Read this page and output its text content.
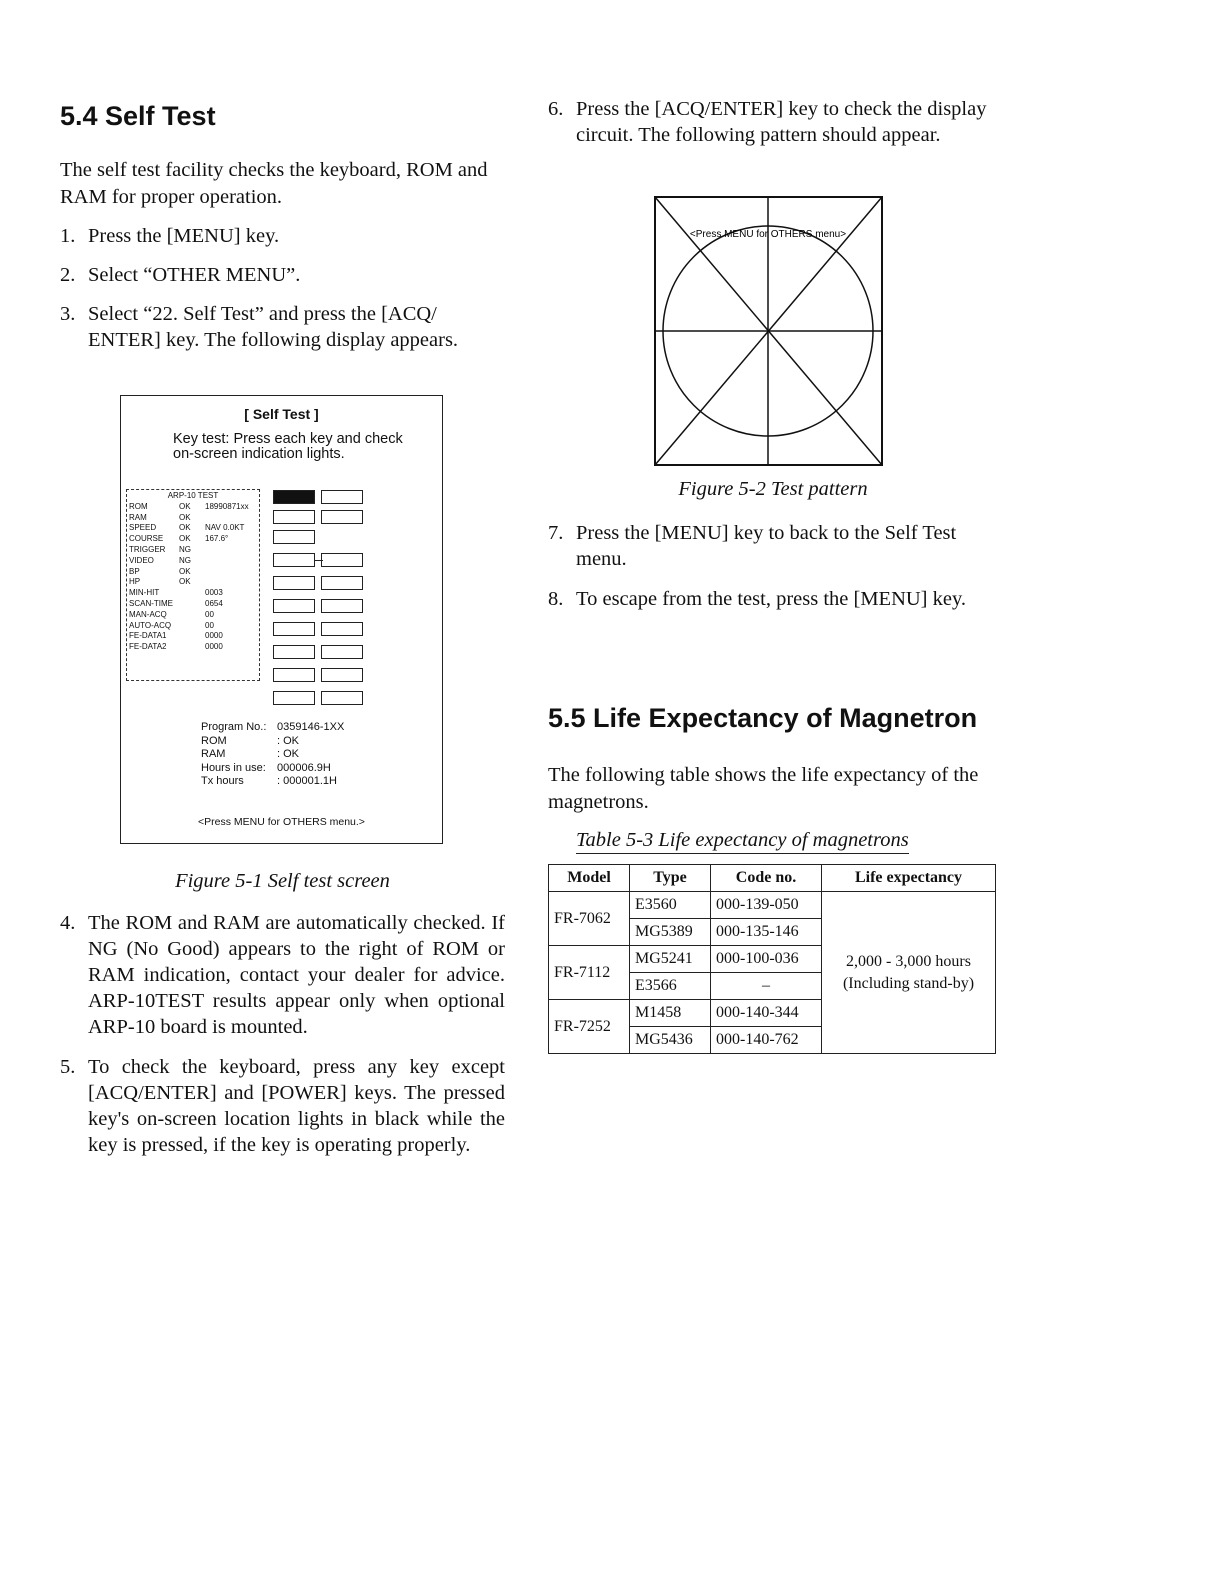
5.4 Self Test

The self test facility checks the keyboard, ROM and RAM for proper operation.

1. Press the [MENU] key.
2. Select “OTHER MENU”.
3. Select “22. Self Test” and press the [ACQ/ ENTER] key. The following display appears.
[ Self Test ]
Key test: Press each key and check on-screen indication lights.
ARP-10 TEST
ROM	OK 18990871xx
RAM	OK
SPEED	OK NAV 0.0KT
COURSE OK 167.6°
TRIGGER NG
VIDEO	NG
BP	OK
HP	OK
MIN-HIT	0003
SCAN-TIME	0654
MAN-ACQ	00
AUTO-ACQ	00
FE-DATA1	0000
FE-DATA2	0000
Program No.: 0359146-1XX
ROM	: OK
RAM	: OK
Hours in use: 000006.9H
Tx hours	: 000001.1H
<Press MENU for OTHERS menu.>
Figure 5-1 Self test screen
4. The ROM and RAM are automatically checked. If NG (No Good) appears to the right of ROM or RAM indication, contact your dealer for advice. ARP-10TEST results appear only when optional ARP-10 board is mounted.
5. To check the keyboard, press any key except [ACQ/ENTER] and [POWER] keys. The pressed key's on-screen location lights in black while the key is pressed, if the key is operating properly.
6. Press the [ACQ/ENTER] key to check the display circuit. The following pattern should appear.
<Press MENU for OTHERS menu>
Figure 5-2 Test pattern
7. Press the [MENU] key to back to the Self Test menu.
8. To escape from the test, press the [MENU] key.
5.5 Life Expectancy of Magnetron

The following table shows the life expectancy of the magnetrons.

Table 5-3 Life expectancy of magnetrons
Model	Type	Code no.	Life expectancy
FR-7062	E3560	000-139-050	2,000 - 3,000 hours
(Including stand-by)

	MG5389	000-135-146	
FR-7112	MG5241	000-100-036	
	E3566	–	
FR-7252	M1458	000-140-344	
	MG5436	000-140-762	
